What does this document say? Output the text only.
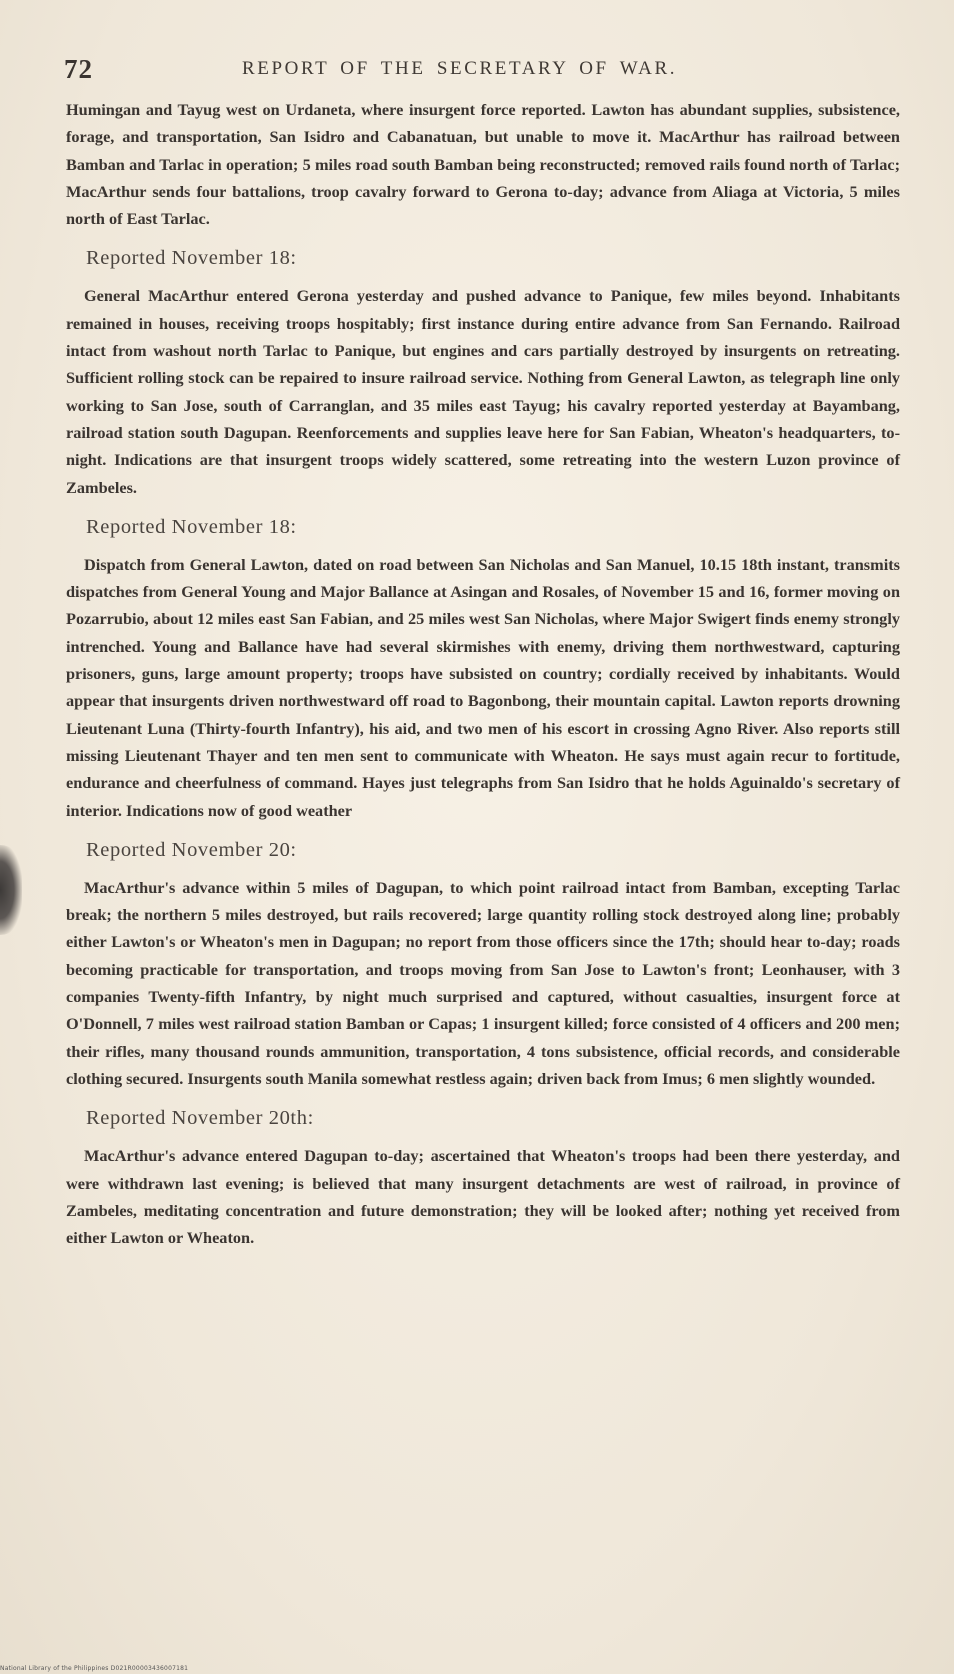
72	REPORT OF THE SECRETARY OF WAR.

Humingan and Tayug west on Urdaneta, where insurgent force reported. Lawton has abundant supplies, subsistence, forage, and transportation, San Isidro and Cabanatuan, but unable to move it. MacArthur has railroad between Bamban and Tarlac in operation; 5 miles road south Bamban being reconstructed; removed rails found north of Tarlac; MacArthur sends four battalions, troop cavalry forward to Gerona to-day; advance from Aliaga at Victoria, 5 miles north of East Tarlac.

Reported November 18:

General MacArthur entered Gerona yesterday and pushed advance to Panique, few miles beyond. Inhabitants remained in houses, receiving troops hospitably; first instance during entire advance from San Fernando. Railroad intact from washout north Tarlac to Panique, but engines and cars partially destroyed by insurgents on retreating. Sufficient rolling stock can be repaired to insure railroad service. Nothing from General Lawton, as telegraph line only working to San Jose, south of Carranglan, and 35 miles east Tayug; his cavalry reported yesterday at Bayambang, railroad station south Dagupan. Reenforcements and supplies leave here for San Fabian, Wheaton's headquarters, to-night. Indications are that insurgent troops widely scattered, some retreating into the western Luzon province of Zambeles.

Reported November 18:

Dispatch from General Lawton, dated on road between San Nicholas and San Manuel, 10.15 18th instant, transmits dispatches from General Young and Major Ballance at Asingan and Rosales, of November 15 and 16, former moving on Pozarrubio, about 12 miles east San Fabian, and 25 miles west San Nicholas, where Major Swigert finds enemy strongly intrenched. Young and Ballance have had several skirmishes with enemy, driving them northwestward, capturing prisoners, guns, large amount property; troops have subsisted on country; cordially received by inhabitants. Would appear that insurgents driven northwestward off road to Bagonbong, their mountain capital. Lawton reports drowning Lieutenant Luna (Thirty-fourth Infantry), his aid, and two men of his escort in crossing Agno River. Also reports still missing Lieutenant Thayer and ten men sent to communicate with Wheaton. He says must again recur to fortitude, endurance and cheerfulness of command. Hayes just telegraphs from San Isidro that he holds Aguinaldo's secretary of interior. Indications now of good weather

Reported November 20:

MacArthur's advance within 5 miles of Dagupan, to which point railroad intact from Bamban, excepting Tarlac break; the northern 5 miles destroyed, but rails recovered; large quantity rolling stock destroyed along line; probably either Lawton's or Wheaton's men in Dagupan; no report from those officers since the 17th; should hear to-day; roads becoming practicable for transportation, and troops moving from San Jose to Lawton's front; Leonhauser, with 3 companies Twenty-fifth Infantry, by night much surprised and captured, without casualties, insurgent force at O'Donnell, 7 miles west railroad station Bamban or Capas; 1 insurgent killed; force consisted of 4 officers and 200 men; their rifles, many thousand rounds ammunition, transportation, 4 tons subsistence, official records, and considerable clothing secured. Insurgents south Manila somewhat restless again; driven back from Imus; 6 men slightly wounded.

Reported November 20th:

MacArthur's advance entered Dagupan to-day; ascertained that Wheaton's troops had been there yesterday, and were withdrawn last evening; is believed that many insurgent detachments are west of railroad, in province of Zambeles, meditating concentration and future demonstration; they will be looked after; nothing yet received from either Lawton or Wheaton.

National Library of the Philippines D021R00003436007181
